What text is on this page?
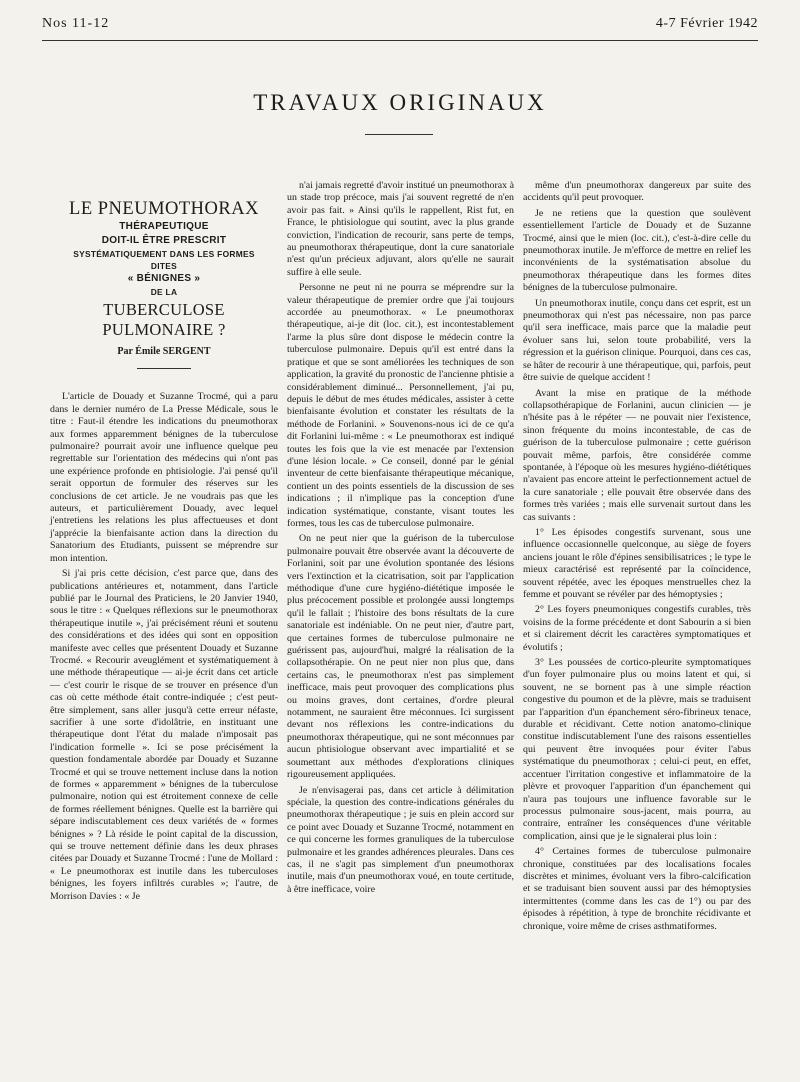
Nos 11-12	4-7 Février 1942
TRAVAUX ORIGINAUX
LE PNEUMOTHORAX
THÉRAPEUTIQUE
DOIT-IL ÊTRE PRESCRIT
SYSTÉMATIQUEMENT DANS LES FORMES
DITES
« BÉNIGNES »
DE LA
TUBERCULOSE PULMONAIRE ?
Par Émile SERGENT

L'article de Douady et Suzanne Trocmé, qui a paru dans le dernier numéro de La Presse Médicale, sous le titre : Faut-il étendre les indications du pneumothorax aux formes apparemment bénignes de la tuberculose pulmonaire? pourrait avoir une influence quelque peu regrettable sur l'orientation des médecins qui n'ont pas une expérience profonde en phtisiologie. J'ai pensé qu'il serait opportun de formuler des réserves sur les conclusions de cet article. Je ne voudrais pas que les auteurs, et particulièrement Douady, avec lequel j'entretiens les relations les plus affectueuses et dont j'apprécie la bienfaisante action dans la direction du Sanatorium des Etudiants, puissent se méprendre sur mon intention.

Si j'ai pris cette décision, c'est parce que, dans des publications antérieures et, notamment, dans l'article publié par le Journal des Praticiens, le 20 Janvier 1940, sous le titre : « Quelques réflexions sur le pneumothorax thérapeutique inutile », j'ai précisément réuni et soutenu des considérations et des idées qui sont en opposition manifeste avec celles que présentent Douady et Suzanne Trocmé. « Recourir aveuglément et systématiquement à une méthode thérapeutique — ai-je écrit dans cet article — c'est courir le risque de se trouver en présence d'un cas où cette méthode était contre-indiquée ; c'est peut-être simplement, sans aller jusqu'à cette erreur néfaste, sacrifier à une sorte d'idolâtrie, en instituant une thérapeutique dont l'état du malade n'imposait pas l'indication formelle ». Ici se pose précisément la question fondamentale abordée par Douady et Suzanne Trocmé et qui se trouve nettement incluse dans la notion de formes « apparemment » bénignes de la tuberculose pulmonaire, notion qui est étroitement connexe de celle de formes réellement bénignes. Quelle est la barrière qui sépare indiscutablement ces deux variétés de « formes bénignes » ? Là réside le point capital de la discussion, qui se trouve nettement définie dans les deux phrases citées par Douady et Suzanne Trocmé : l'une de Mollard : « Le pneumothorax est inutile dans les tuberculoses bénignes, les foyers infiltrés curables »; l'autre, de Morrison Davies : « Je

n'ai jamais regretté d'avoir institué un pneumothorax à un stade trop précoce, mais j'ai souvent regretté de n'en avoir pas fait. » Ainsi qu'ils le rappellent, Rist fut, en France, le phtisiologue qui soutint, avec la plus grande conviction, l'indication de recourir, sans perte de temps, au pneumothorax thérapeutique, dont la cure sanatoriale n'est qu'un précieux adjuvant, alors qu'elle ne saurait suffire à elle seule.

Personne ne peut ni ne pourra se méprendre sur la valeur thérapeutique de premier ordre que j'ai toujours accordée au pneumothorax. « Le pneumothorax thérapeutique, ai-je dit (loc. cit.), est incontestablement l'arme la plus sûre dont dispose le médecin contre la tuberculose pulmonaire. Depuis qu'il est entré dans la pratique et que se sont améliorées les techniques de son application, la gravité du pronostic de l'ancienne phtisie a considérablement diminué... Personnellement, j'ai pu, depuis le début de mes études médicales, assister à cette bienfaisante évolution et constater les résultats de la méthode de Forlanini. » Souvenons-nous ici de ce qu'a dit Forlanini lui-même : « Le pneumothorax est indiqué toutes les fois que la vie est menacée par l'extension d'une lésion locale. » Ce conseil, donné par le génial inventeur de cette bienfaisante thérapeutique mécanique, contient un des points essentiels de la discussion de ses indications ; il n'implique pas la conception d'une indication systématique, constante, visant toutes les formes, tous les cas de tuberculose pulmonaire.

On ne peut nier que la guérison de la tuberculose pulmonaire pouvait être observée avant la découverte de Forlanini, soit par une évolution spontanée des lésions vers l'extinction et la cicatrisation, soit par l'application méthodique d'une cure hygiéno-diététique imposée le plus précocement possible et prolongée aussi longtemps qu'il le fallait ; l'histoire des bons résultats de la cure sanatoriale est indéniable. On ne peut nier, d'autre part, que certaines formes de tuberculose pulmonaire ne guérissent pas, aujourd'hui, malgré la réalisation de la collapsothérapie. On ne peut nier non plus que, dans certains cas, le pneumothorax n'est pas simplement inefficace, mais peut provoquer des complications plus ou moins graves, dont certaines, d'ordre pleural notamment, ne sauraient être méconnues. Ici surgissent devant nos réflexions les contre-indications du pneumothorax thérapeutique, qui ne sont méconnues par aucun phtisiologue observant avec impartialité et se soumettant aux méthodes d'explorations cliniques rigoureusement appliquées.

Je n'envisagerai pas, dans cet article à délimitation spéciale, la question des contre-indications générales du pneumothorax thérapeutique ; je suis en plein accord sur ce point avec Douady et Suzanne Trocmé, notamment en ce qui concerne les formes granuliques de la tuberculose pulmonaire et les grandes adhérences pleurales. Dans ces cas, il ne s'agit pas simplement d'un pneumothorax inutile, mais d'un pneumothorax voué, en toute certitude, à être inefficace, voire

même d'un pneumothorax dangereux par suite des accidents qu'il peut provoquer.

Je ne retiens que la question que soulèvent essentiellement l'article de Douady et de Suzanne Trocmé, ainsi que le mien (loc. cit.), c'est-à-dire celle du pneumothorax inutile. Je m'efforce de mettre en relief les inconvénients de la systématisation absolue du pneumothorax thérapeutique dans les formes dites bénignes de la tuberculose pulmonaire.

Un pneumothorax inutile, conçu dans cet esprit, est un pneumothorax qui n'est pas nécessaire, non pas parce qu'il sera inefficace, mais parce que la maladie peut évoluer sans lui, selon toute probabilité, vers la régression et la guérison clinique. Pourquoi, dans ces cas, se hâter de recourir à une thérapeutique, qui, parfois, peut être suivie de quelque accident !

Avant la mise en pratique de la méthode collapsothérapique de Forlanini, aucun clinicien — je n'hésite pas à le répéter — ne pouvait nier l'existence, sinon fréquente du moins incontestable, de cas de guérison de la tuberculose pulmonaire ; cette guérison pouvait même, parfois, être considérée comme spontanée, à l'époque où les mesures hygiéno-diététiques n'avaient pas encore atteint le perfectionnement actuel de la cure sanatoriale ; elle pouvait être observée dans des formes très variées ; mais elle survenait surtout dans les cas suivants :

1° Les épisodes congestifs survenant, sous une influence occasionnelle quelconque, au siège de foyers anciens jouant le rôle d'épines sensibilisatrices ; le type le mieux caractérisé est représenté par la coïncidence, souvent répétée, avec les époques menstruelles chez la femme et pouvant se révéler par des hémoptysies ;

2° Les foyers pneumoniques congestifs curables, très voisins de la forme précédente et dont Sabourin a si bien et si clairement décrit les caractères symptomatiques et évolutifs ;

3° Les poussées de cortico-pleurite symptomatiques d'un foyer pulmonaire plus ou moins latent et qui, si souvent, ne se bornent pas à une simple réaction congestive du poumon et de la plèvre, mais se traduisent par l'apparition d'un épanchement séro-fibrineux tenace, durable et récidivant. Cette notion anatomo-clinique constitue indiscutablement l'une des raisons essentielles qui peuvent être invoquées pour éviter l'abus systématique du pneumothorax ; celui-ci peut, en effet, accentuer l'irritation congestive et inflammatoire de la plèvre et provoquer l'apparition d'un épanchement qui n'aura pas toujours une influence favorable sur le processus pulmonaire sous-jacent, mais pourra, au contraire, entraîner les conséquences d'une véritable complication, ainsi que je le signalerai plus loin :

4° Certaines formes de tuberculose pulmonaire chronique, constituées par des localisations focales discrètes et minimes, évoluant vers la fibro-calcification et se traduisant bien souvent aussi par des hémoptysies intermittentes (comme dans les cas de 1°) ou par des épisodes à répétition, à type de bronchite récidivante et chronique, voire même de crises asthmatiformes.
